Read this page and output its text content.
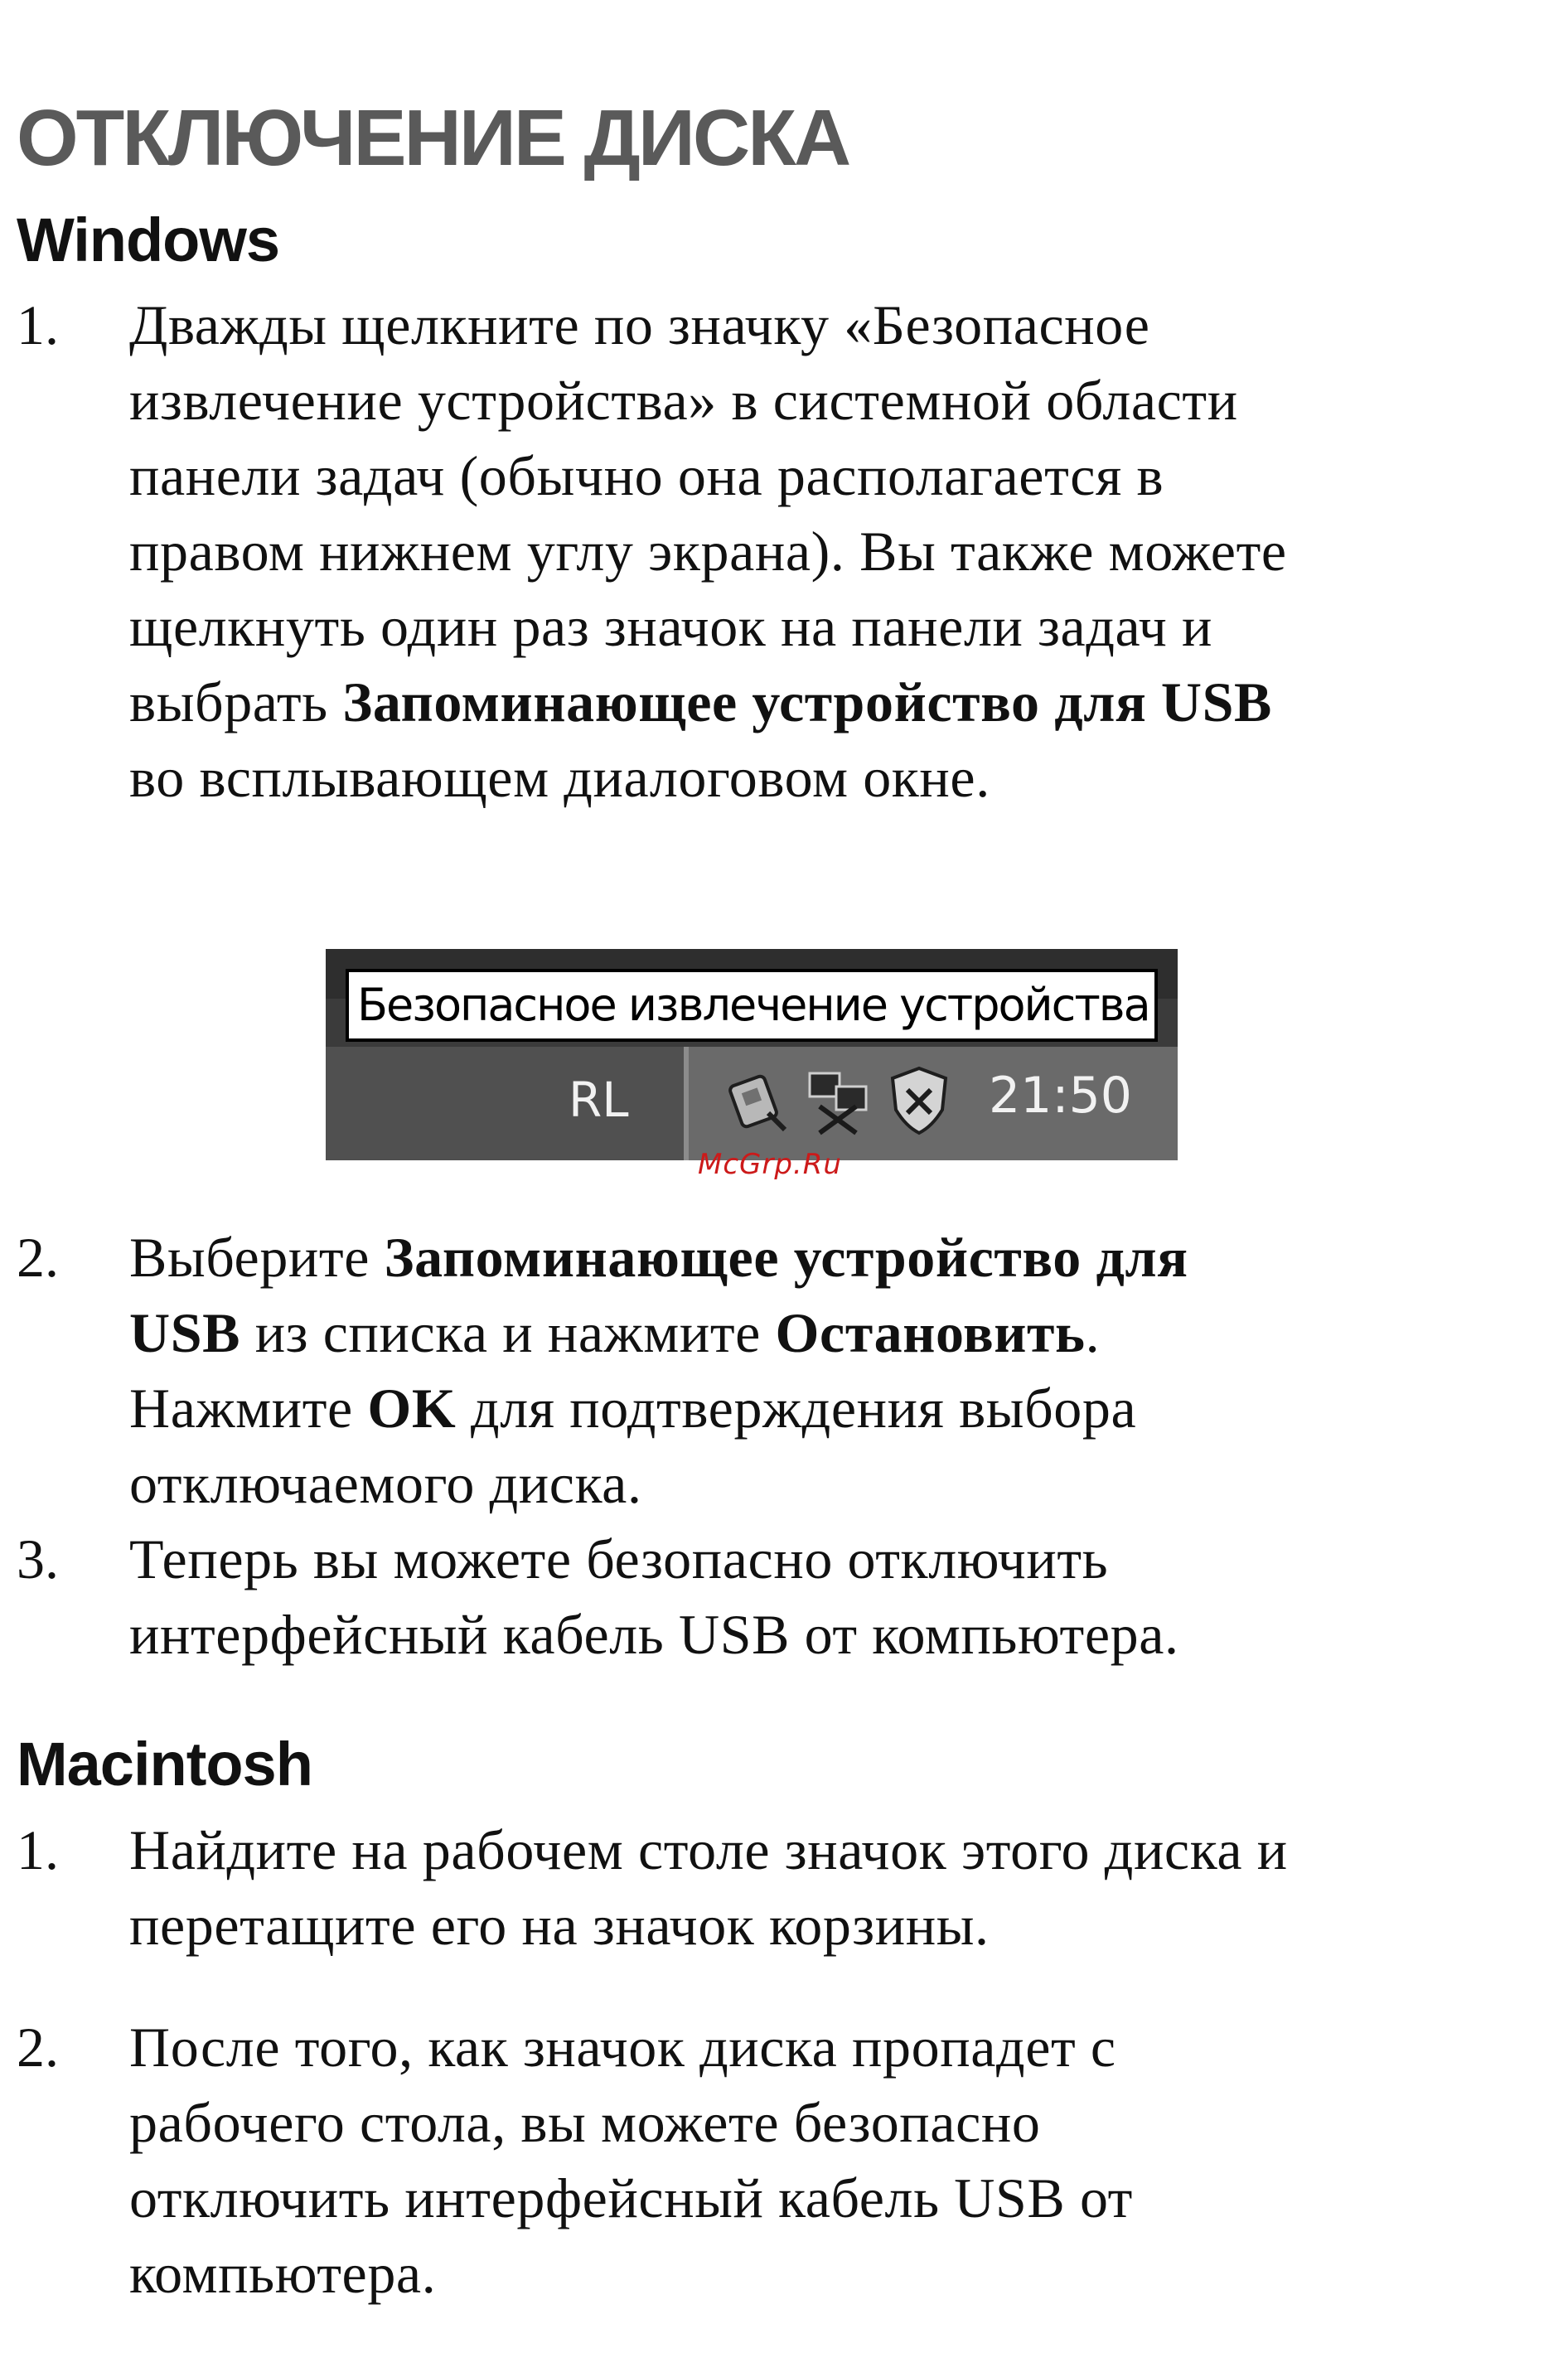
ОТКЛЮЧЕНИЕ ДИСКА
Windows
1. Дважды щелкните по значку «Безопасное
извлечение устройства» в системной области
панели задач (обычно она располагается в
правом нижнем углу экрана). Вы также можете
щелкнуть один раз значок на панели задач и
выбрать Запоминающее устройство для USB
во всплывающем диалоговом окне.
Безопасное извлечение устройства
RL	21:50
McGrp.Ru
2. Выберите Запоминающее устройство для
USB из списка и нажмите Остановить.
Нажмите OK для подтверждения выбора
отключаемого диска.
3. Теперь вы можете безопасно отключить
интерфейсный кабель USB от компьютера.
Macintosh
1. Найдите на рабочем столе значок этого диска и
перетащите его на значок корзины.
2. После того, как значок диска пропадет с
рабочего стола, вы можете безопасно
отключить интерфейсный кабель USB от
компьютера.
